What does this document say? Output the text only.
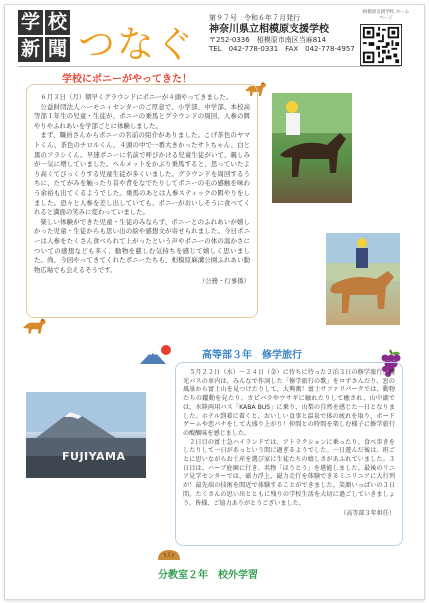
学 校
新 聞 つなぐ
第９７号　令和６年７月発行
神奈川県立相模原支援学校
〒252-0336　相模原市南区当麻814
TEL　042-778-0331　FAX　042-778-4957
相模原支援学校 ホームページ
学校にポニーがやってきた！

６月３日（月）朝早くグラウンドにポニーが４頭やってきました。

公益財団法人ハーモニィセンターのご厚意で、小学部、中学部、本校高等部１年生の児童・生徒が、ポニーの乗馬とグラウンドの周回、人参の餌やりやふれあいを学部ごとに体験しました。

まず、職員さんからポニーの名前の紹介がありました。こげ茶色のヤマトくん、茶色のチロルくん、４頭の中で一番大きかったサトちゃん、白と黒のアラシくん。早速ポニーに名前で呼びかける児童生徒がいて、親しみが一気に増していました。ヘルメットをかぶり乗馬すると、思っていたより高くてびっくりする児童生徒が多くいました。グラウンドを周回するうちに、たてがみを触ったり首や背をなでたりしてポニーの毛の感触を味わう余裕も出てくるようでした。乗馬のあとは人参スティックの餌やりをしました。恐々と人参を差し出していても、ポニーがおいしそうに食べてくれると満面の笑みに変わっていました。

楽しい体験ができた児童・生徒のみならず、ポニーとのふれあいが嬉しかった児童・生徒からも思い出の絵や感想文が寄せられました。今日ポニーは人参をたくさん食べられて上がったという声やポニーの体の温かさについての感想なども多く、動物を慈しむ気持ちを感じて嬉しく思いました。尚、今回やってきてくれたポニーたちも、相模原麻溝公園ふれあい動物広場でも会えるそうです。

（公務・行事係）
高等部３年　修学旅行

５月２２日（水）〜２４日（金）に待ちに待った２泊３日の修学旅行。観光バスの車内は、みんなで作詞した「修学旅行の歌」をロずさんだり、窓の風景から富士山を見つけたりして、大興奮！富士サファリパークでは、動物たちの躍動を見たり、カピバラやウサギに触れたりして癒され、山中湖では、水陸両用バス「KABA BUS」に乗り、山梨の自然を感じた一日となりました。ホテル到着に着くと、おいしい食事と温泉で体の疲れを取り、ボードゲームや恋バナをして大盛り上がり！仲間との時間を楽しむ様子に修学旅行の醍醐味を感じました。

２日目の富士急ハイランドでは、アトラクションに乗ったり、食べ歩きをしたりして一日があっという間に過ぎるようでした。一日遊んだ後は、班ごとに思いながらお土産を選び家に生徒たちの嬉しさがあふれていました。３日目は、ハーブ庭園に行き、名物「ほうとう」を堪能しました。最後のリニア見学センターでは、磁力浮上、磁力走行を体験できるミニリニアに大行列が！最先端の技術を間近で体験することができました。笑顔いっぱいの３日間。たくさんの思い出とともに残りの学校生活を大切に過ごしていきましょう。皆様、ご協力ありがとうございました。

（高等部３年担任）
FUJIYAMA
分教室２年　校外学習
